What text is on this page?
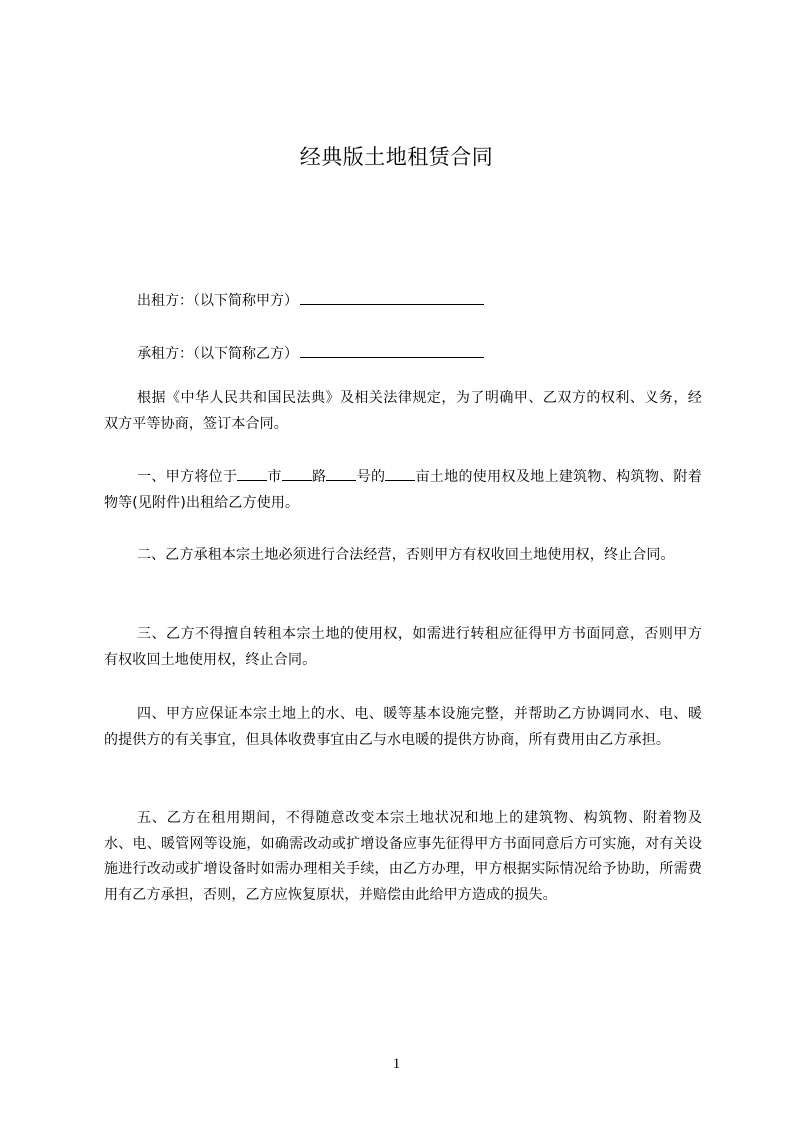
经典版土地租赁合同
出租方：（以下简称甲方）
承租方：（以下简称乙方）

根据《中华人民共和国民法典》及相关法律规定，为了明确甲、乙双方的权利、义务，经双方平等协商，签订本合同。

一、甲方将位于 市 路 号的 亩土地的使用权及地上建筑物、构筑物、附着物等(见附件)出租给乙方使用。

二、乙方承租本宗土地必须进行合法经营，否则甲方有权收回土地使用权，终止合同。

三、乙方不得擅自转租本宗土地的使用权，如需进行转租应征得甲方书面同意，否则甲方有权收回土地使用权，终止合同。

四、甲方应保证本宗土地上的水、电、暖等基本设施完整，并帮助乙方协调同水、电、暖的提供方的有关事宜，但具体收费事宜由乙与水电暖的提供方协商，所有费用由乙方承担。

五、乙方在租用期间，不得随意改变本宗土地状况和地上的建筑物、构筑物、附着物及水、电、暖管网等设施，如确需改动或扩增设备应事先征得甲方书面同意后方可实施，对有关设施进行改动或扩增设备时如需办理相关手续，由乙方办理，甲方根据实际情况给予协助，所需费用有乙方承担，否则，乙方应恢复原状，并赔偿由此给甲方造成的损失。

1
